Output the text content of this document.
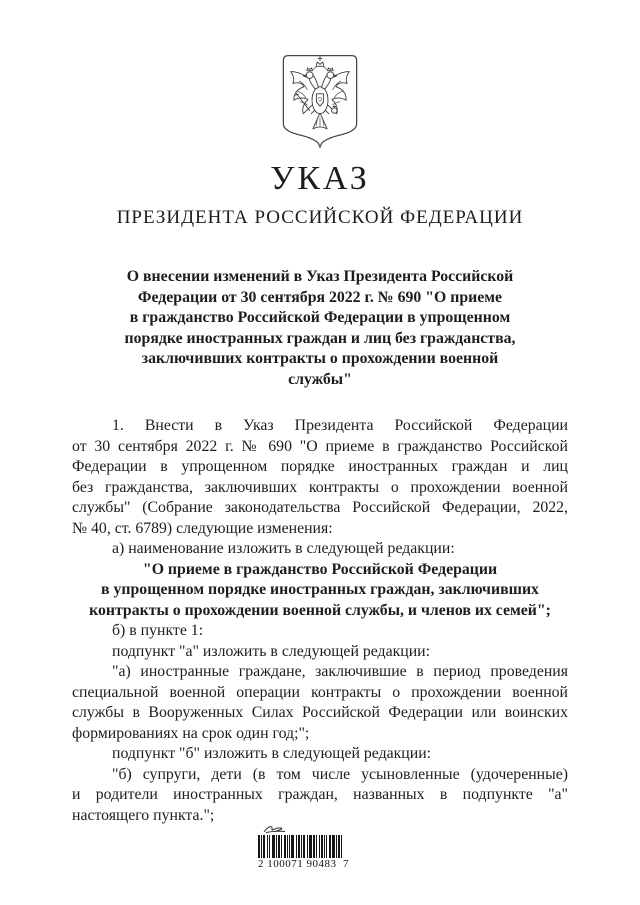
УКАЗ
ПРЕЗИДЕНТА РОССИЙСКОЙ ФЕДЕРАЦИИ
О внесении изменений в Указ Президента Российской
Федерации от 30 сентября 2022 г. № 690 "О приеме
в гражданство Российской Федерации в упрощенном
порядке иностранных граждан и лиц без гражданства,
заключивших контракты о прохождении военной
службы"
1. Внести в Указ Президента Российской Федерации
от 30 сентября 2022 г. № 690 "О приеме в гражданство Российской
Федерации в упрощенном порядке иностранных граждан и лиц
без гражданства, заключивших контракты о прохождении военной
службы" (Собрание законодательства Российской Федерации, 2022,
№ 40, ст. 6789) следующие изменения:
а) наименование изложить в следующей редакции:
"О приеме в гражданство Российской Федерации
в упрощенном порядке иностранных граждан, заключивших
контракты о прохождении военной службы, и членов их семей";
б) в пункте 1:
подпункт "а" изложить в следующей редакции:
"а) иностранные граждане, заключившие в период проведения
специальной военной операции контракты о прохождении военной
службы в Вооруженных Силах Российской Федерации или воинских
формированиях на срок один год;";
подпункт "б" изложить в следующей редакции:
"б) супруги, дети (в том числе усыновленные (удочеренные)
и родители иностранных граждан, названных в подпункте "а"
настоящего пункта.";
2 100071 90483  7
